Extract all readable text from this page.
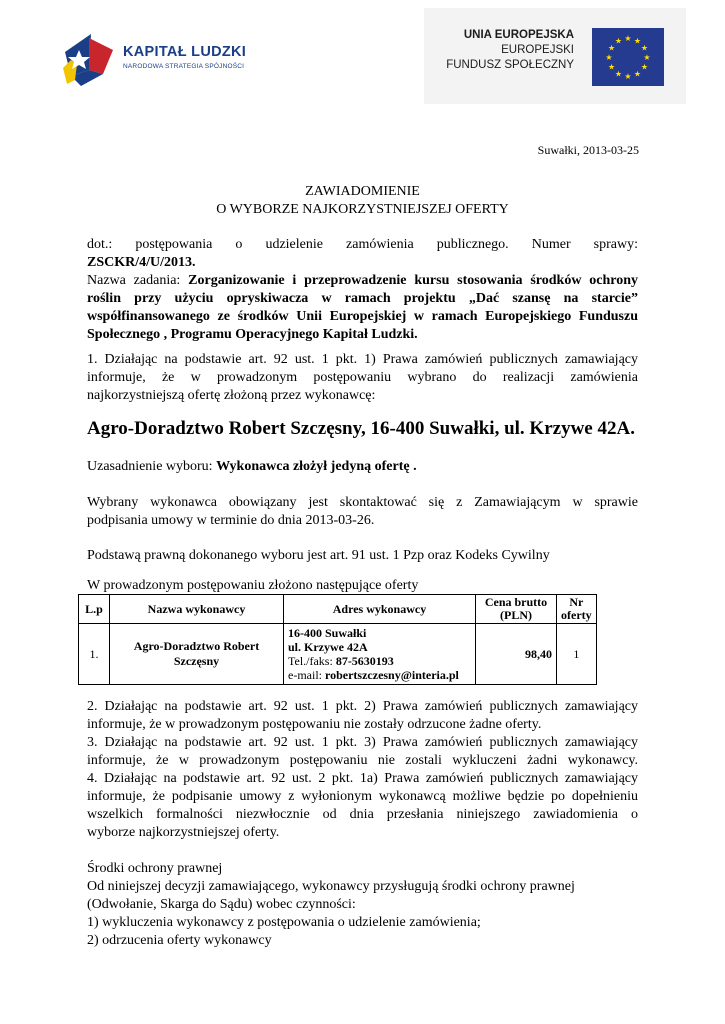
KAPITAŁ LUDZKI
NARODOWA STRATEGIA SPÓJNOŚCI
UNIA EUROPEJSKA
EUROPEJSKI
FUNDUSZ SPOŁECZNY
★ ★
★
★
★
★
★
★
★
★
★
★
Suwałki, 2013-03-25
ZAWIADOMIENIE
O WYBORZE NAJKORZYSTNIEJSZEJ OFERTY
dot.: postępowania o udzielenie zamówienia publicznego. Numer sprawy:
ZSCKR/4/U/2013.
Nazwa zadania: Zorganizowanie i przeprowadzenie kursu stosowania środków ochrony
roślin przy użyciu opryskiwacza w ramach projektu „Dać szansę na starcie”
współfinansowanego ze środków Unii Europejskiej w ramach Europejskiego Funduszu
Społecznego , Programu Operacyjnego Kapitał Ludzki.
1. Działając na podstawie art. 92 ust. 1 pkt. 1) Prawa zamówień publicznych zamawiający
informuje, że w prowadzonym postępowaniu wybrano do realizacji zamówienia
najkorzystniejszą ofertę złożoną przez wykonawcę:
Agro-Doradztwo Robert Szczęsny, 16-400 Suwałki, ul. Krzywe 42A.
Uzasadnienie wyboru: Wykonawca złożył jedyną ofertę .
Wybrany wykonawca obowiązany jest skontaktować się z Zamawiającym w sprawie
podpisania umowy w terminie do dnia 2013-03-26.
Podstawą prawną dokonanego wyboru jest art. 91 ust. 1 Pzp oraz Kodeks Cywilny
W prowadzonym postępowaniu złożono następujące oferty
L.p	Nazwa wykonawcy	Adres wykonawcy	Cena brutto
(PLN)	Nr
oferty
1.	Agro-Doradztwo Robert Szczęsny	16-400 Suwałki
ul. Krzywe 42A
Tel./faks: 87-5630193
e-mail: robertszczesny@interia.pl	98,40	1
2. Działając na podstawie art. 92 ust. 1 pkt. 2) Prawa zamówień publicznych zamawiający
informuje, że w prowadzonym postępowaniu nie zostały odrzucone żadne oferty.
3. Działając na podstawie art. 92 ust. 1 pkt. 3) Prawa zamówień publicznych zamawiający
informuje, że w prowadzonym postępowaniu nie zostali wykluczeni żadni wykonawcy.
4. Działając na podstawie art. 92 ust. 2 pkt. 1a) Prawa zamówień publicznych zamawiający
informuje, że podpisanie umowy z wyłonionym wykonawcą możliwe będzie po dopełnieniu
wszelkich formalności niezwłocznie od dnia przesłania niniejszego zawiadomienia o
wyborze najkorzystniejszej oferty.
Środki ochrony prawnej
Od niniejszej decyzji zamawiającego, wykonawcy przysługują środki ochrony prawnej
(Odwołanie, Skarga do Sądu) wobec czynności:
1) wykluczenia wykonawcy z postępowania o udzielenie zamówienia;
2) odrzucenia oferty wykonawcy
